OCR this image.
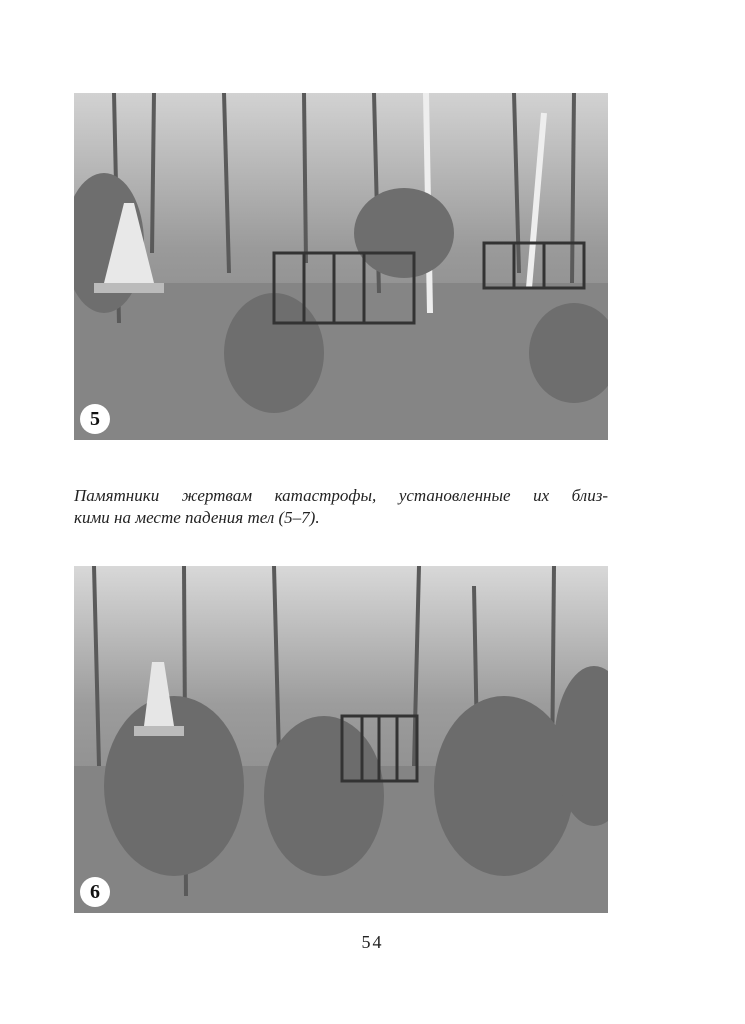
5

Памятники жертвам катастрофы, установленные их близ-
кими на месте падения тел (5–7).

6
54
